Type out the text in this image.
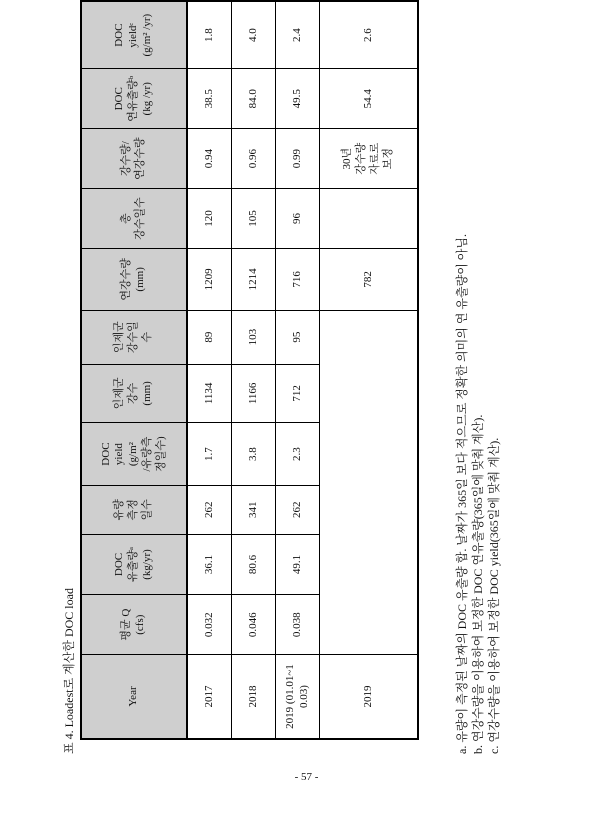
표 4. Loadest로 계산한 DOC load	Year	평균 Q (cfs)	DOC 유출량ᵃ (kg/yr)	유량 측정 일수	DOC yield (g/m² /유량측 정일수)	인제군 강수 (mm)	인제군 강수일 수	연강수량 (mm)	총 강수일수	강수량/ 연강수량	DOC 연유출량ᵇ (kg /yr)	DOC yieldᶜ (g/m² /yr)

2017	0.032	36.1	262	1.7	1134	89	1209	120	0.94	38.5	1.8
2018	0.046	80.6	341	3.8	1166	103	1214	105	0.96	84.0	4.0
2019 (01.01~1 0.03)	0.038	49.1	262	2.3	712	95	716	96	0.99	49.5	2.4
2019							782		30년 강수량 자료로 보정	54.4	2.6
a. 유량이 측정된 날짜의 DOC 유출량 합. 날짜가 365일 보다 적으므로 정확한 의미의 연 유출량이 아님. b. 연강수량을 이용하여 보정한 DOC 연유출량(365일에 맞춰 계산). c. 연강수량을 이용하여 보정한 DOC yield(365일에 맞춰 계산).
- 57 -
